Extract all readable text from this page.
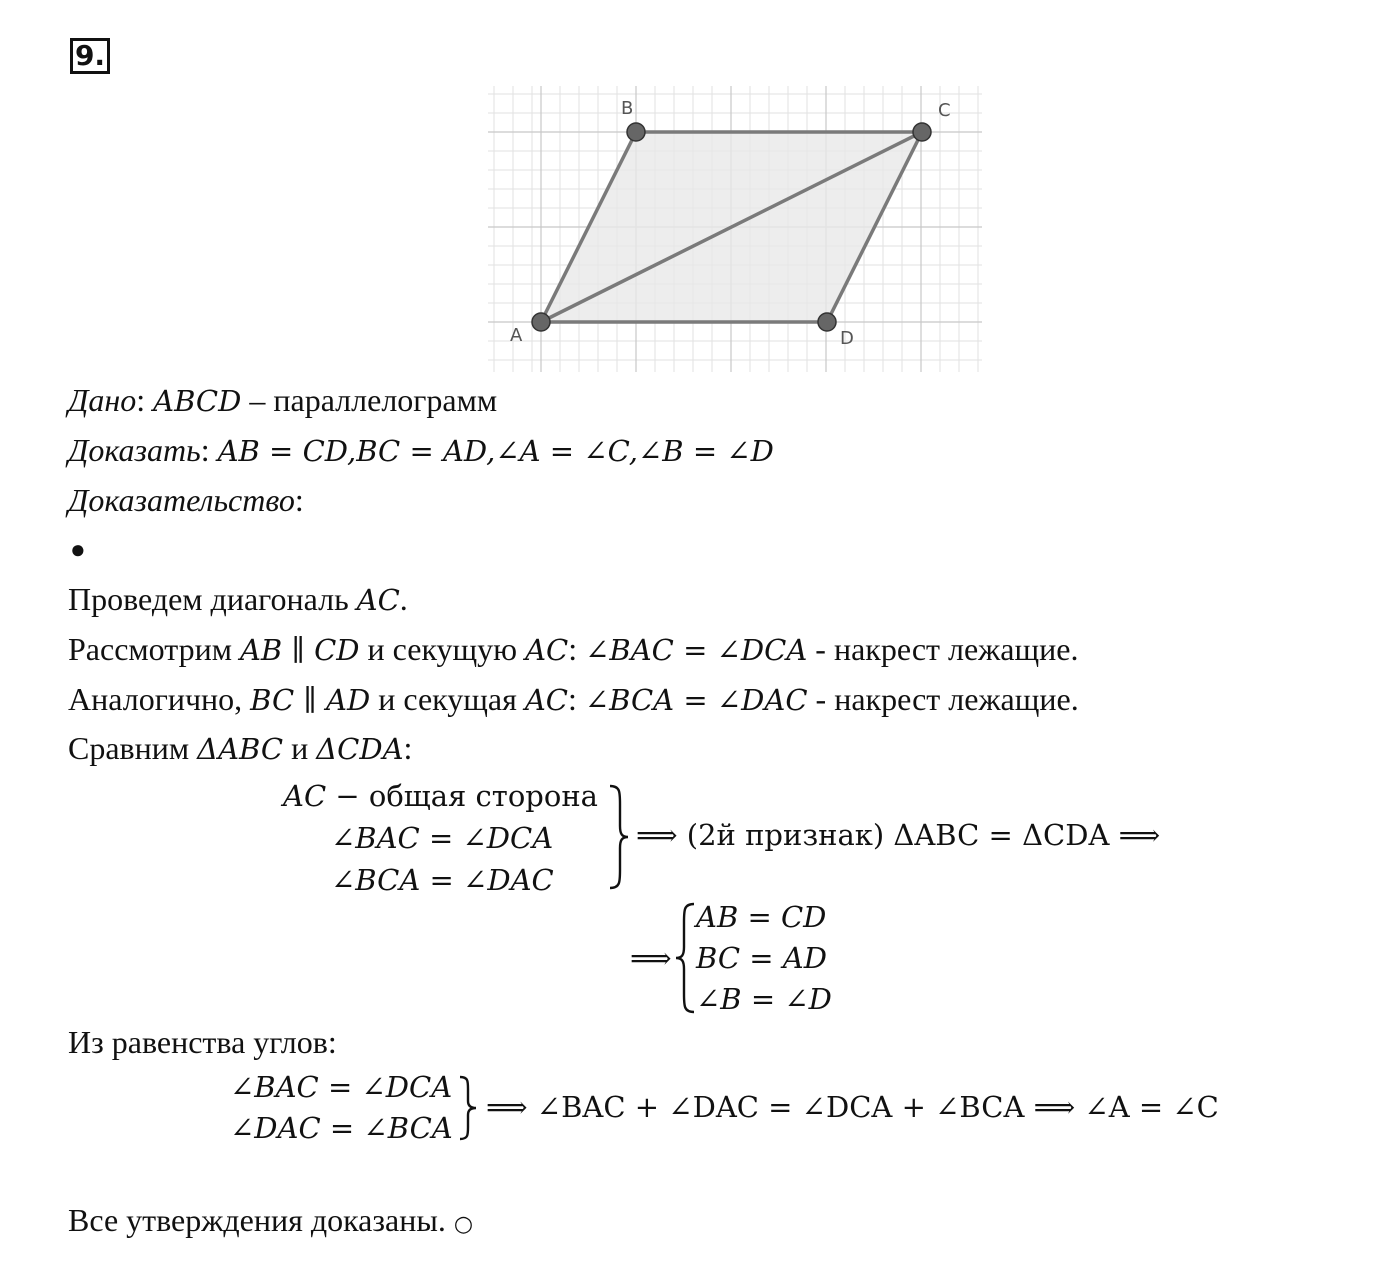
9.
B	C
A	D
Дано: ABCD – параллелограмм
Доказать: AB = CD,BC = AD,∠A = ∠C,∠B = ∠D
Доказательство:
●
Проведем диагональ AC.
Рассмотрим AB ∥ CD и секущую AC: ∠BAC = ∠DCA - накрест лежащие.
Аналогично, BC ∥ AD и секущая AC: ∠BCA = ∠DAC - накрест лежащие.
Сравним ΔABC и ΔCDA:
AC − общая сторона
∠BAC = ∠DCA
∠BCA = ∠DAC
⟹ (2й признак) ΔABC = ΔCDA ⟹
⟹
AB = CD
BC = AD
∠B = ∠D
Из равенства углов:
∠BAC = ∠DCA
∠DAC = ∠BCA
⟹ ∠BAC + ∠DAC = ∠DCA + ∠BCA ⟹ ∠A = ∠C
Все утверждения доказаны. ○
